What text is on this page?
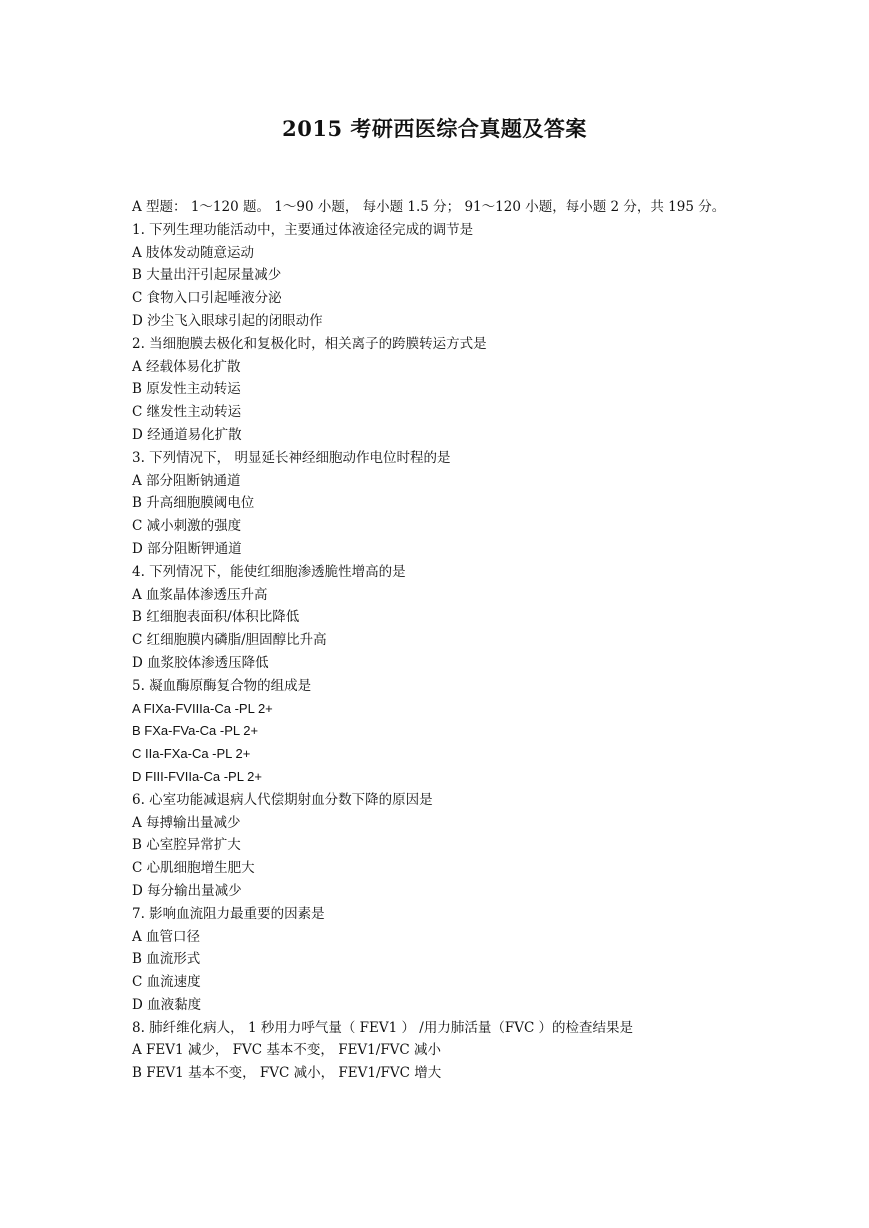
2015 考研西医综合真题及答案
A 型题： 1～120 题。 1～90 小题， 每小题 1.5 分； 91～120 小题，每小题 2 分，共 195 分。
1. 下列生理功能活动中，主要通过体液途径完成的调节是
A 肢体发动随意运动
B 大量出汗引起尿量减少
C 食物入口引起唾液分泌
D 沙尘飞入眼球引起的闭眼动作
2. 当细胞膜去极化和复极化时，相关离子的跨膜转运方式是
A 经载体易化扩散
B 原发性主动转运
C 继发性主动转运
D 经通道易化扩散
3. 下列情况下， 明显延长神经细胞动作电位时程的是
A 部分阻断钠通道
B 升高细胞膜阈电位
C 减小刺激的强度
D 部分阻断钾通道
4. 下列情况下，能使红细胞渗透脆性增高的是
A 血浆晶体渗透压升高
B 红细胞表面积/体积比降低
C 红细胞膜内磷脂/胆固醇比升高
D 血浆胶体渗透压降低
5. 凝血酶原酶复合物的组成是
A FIXa-FVIIIa-Ca -PL 2+
B FXa-FVa-Ca -PL 2+
C IIa-FXa-Ca -PL 2+
D FIII-FVIIa-Ca -PL 2+
6. 心室功能减退病人代偿期射血分数下降的原因是
A 每搏输出量减少
B 心室腔异常扩大
C 心肌细胞增生肥大
D 每分输出量减少
7. 影响血流阻力最重要的因素是
A 血管口径
B 血流形式
C 血流速度
D 血液黏度
8. 肺纤维化病人， 1 秒用力呼气量（ FEV1 ） /用力肺活量（FVC ）的检查结果是
A FEV1 减少， FVC 基本不变， FEV1/FVC 减小
B FEV1 基本不变， FVC 减小， FEV1/FVC 增大
